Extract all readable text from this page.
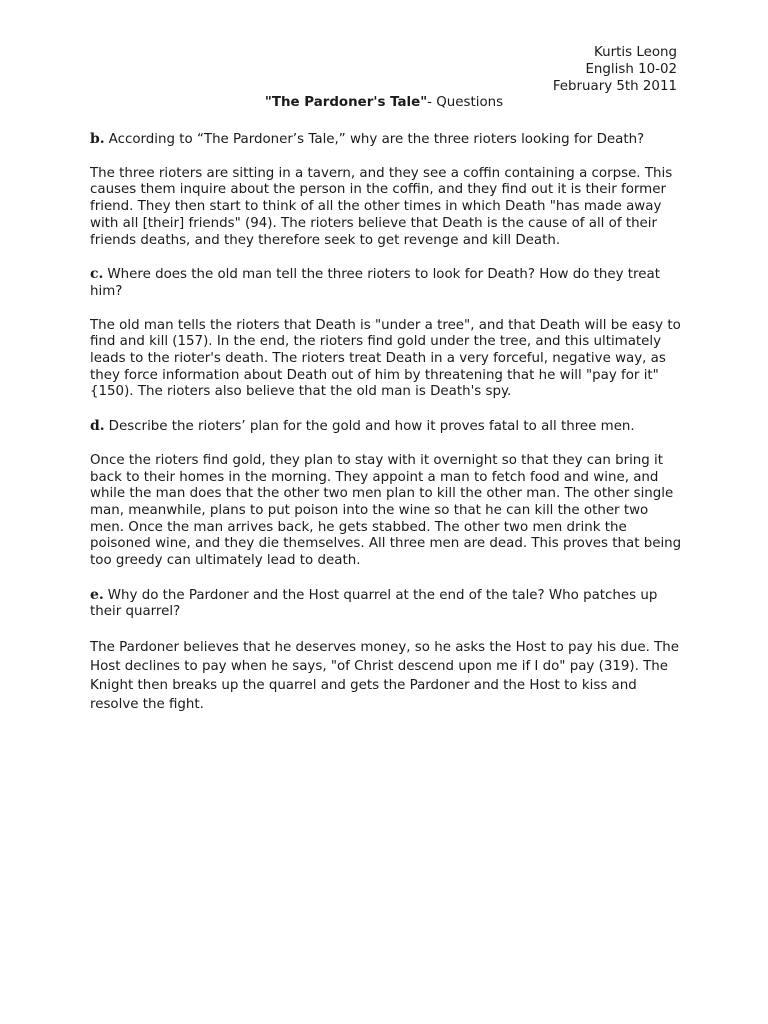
Kurtis Leong
English 10-02
February 5th 2011
"The Pardoner's Tale"- Questions

b. According to “The Pardoner’s Tale,” why are the three rioters looking for Death?

The three rioters are sitting in a tavern, and they see a coffin containing a corpse. This causes them inquire about the person in the coffin, and they find out it is their former friend. They then start to think of all the other times in which Death "has made away with all [their] friends" (94). The rioters believe that Death is the cause of all of their friends deaths, and they therefore seek to get revenge and kill Death.

c. Where does the old man tell the three rioters to look for Death? How do they treat him?

The old man tells the rioters that Death is "under a tree", and that Death will be easy to find and kill (157). In the end, the rioters find gold under the tree, and this ultimately leads to the rioter's death. The rioters treat Death in a very forceful, negative way, as they force information about Death out of him by threatening that he will "pay for it" {150). The rioters also believe that the old man is Death's spy.

d. Describe the rioters’ plan for the gold and how it proves fatal to all three men.

Once the rioters find gold, they plan to stay with it overnight so that they can bring it back to their homes in the morning. They appoint a man to fetch food and wine, and while the man does that the other two men plan to kill the other man. The other single man, meanwhile, plans to put poison into the wine so that he can kill the other two men. Once the man arrives back, he gets stabbed. The other two men drink the poisoned wine, and they die themselves. All three men are dead. This proves that being too greedy can ultimately lead to death.

e. Why do the Pardoner and the Host quarrel at the end of the tale? Who patches up their quarrel?

The Pardoner believes that he deserves money, so he asks the Host to pay his due. The Host declines to pay when he says, "of Christ descend upon me if I do" pay (319). The Knight then breaks up the quarrel and gets the Pardoner and the Host to kiss and resolve the fight.
